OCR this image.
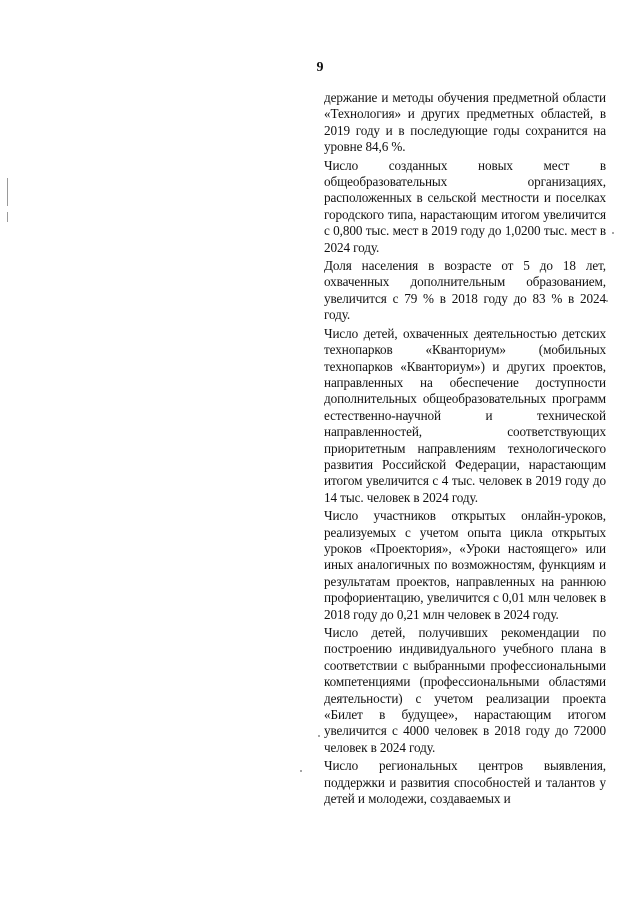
9

держание и методы обучения предметной области «Технология» и других предметных областей, в 2019 году и в последующие годы сохранится на уровне 84,6 %.

Число созданных новых мест в общеобразовательных организациях, расположенных в сельской местности и поселках городского типа, нарастающим итогом увеличится с 0,800 тыс. мест в 2019 году до 1,0200 тыс. мест в 2024 году.

Доля населения в возрасте от 5 до 18 лет, охваченных дополнительным образованием, увеличится с 79 % в 2018 году до 83 % в 2024 году.

Число детей, охваченных деятельностью детских технопарков «Кванториум» (мобильных технопарков «Кванториум») и других проектов, направленных на обеспечение доступности дополнительных общеобразовательных программ естественно-научной и технической направленностей, соответствующих приоритетным направлениям технологического развития Российской Федерации, нарастающим итогом увеличится с 4 тыс. человек в 2019 году до 14 тыс. человек в 2024 году.

Число участников открытых онлайн-уроков, реализуемых с учетом опыта цикла открытых уроков «Проектория», «Уроки настоящего» или иных аналогичных по возможностям, функциям и результатам проектов, направленных на раннюю профориентацию, увеличится с 0,01 млн человек в 2018 году до 0,21 млн человек в 2024 году.

Число детей, получивших рекомендации по построению индивидуального учебного плана в соответствии с выбранными профессиональными компетенциями (профессиональными областями деятельности) с учетом реализации проекта «Билет в будущее», нарастающим итогом увеличится с 4000 человек в 2018 году до 72000 человек в 2024 году.

Число региональных центров выявления, поддержки и развития способностей и талантов у детей и молодежи, создаваемых и
